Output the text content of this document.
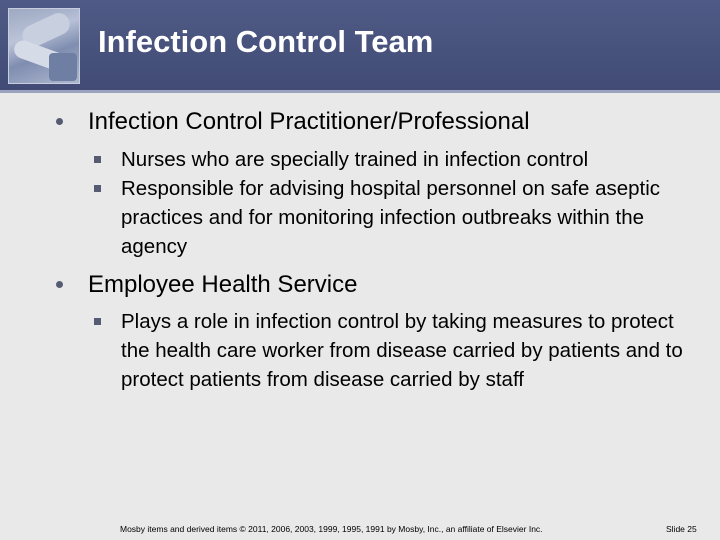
Infection Control Team
Infection Control Practitioner/Professional
Nurses who are specially trained in infection control
Responsible for advising hospital personnel on safe aseptic practices and for monitoring infection outbreaks within the agency
Employee Health Service
Plays a role in infection control by taking measures to protect the health care worker from disease carried by patients and to protect patients from disease carried by staff
Mosby items and derived items © 2011, 2006, 2003, 1999, 1995, 1991 by Mosby, Inc., an affiliate of Elsevier Inc.	Slide 25
